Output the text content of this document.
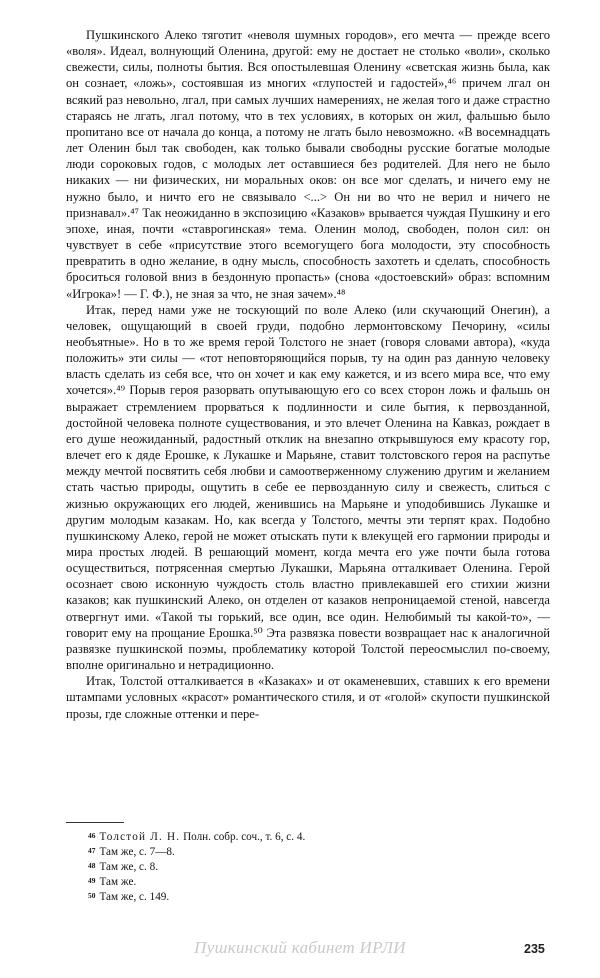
Пушкинского Алеко тяготит «неволя шумных городов», его мечта — прежде всего «воля». Идеал, волнующий Оленина, другой: ему не достает не столько «воли», сколько свежести, силы, полноты бытия. Вся опостылевшая Оленину «светская жизнь была, как он сознает, «ложь», состоявшая из многих «глупостей и гадостей»,⁴⁶ причем лгал он всякий раз невольно, лгал, при самых лучших намерениях, не желая того и даже страстно стараясь не лгать, лгал потому, что в тех условиях, в которых он жил, фальшью было пропитано все от начала до конца, а потому не лгать было невозможно. «В восемнадцать лет Оленин был так свободен, как только бывали свободны русские богатые молодые люди сороковых годов, с молодых лет оставшиеся без родителей. Для него не было никаких — ни физических, ни моральных оков: он все мог сделать, и ничего ему не нужно было, и ничто его не связывало <...> Он ни во что не верил и ничего не признавал».⁴⁷ Так неожиданно в экспозицию «Казаков» врывается чуждая Пушкину и его эпохе, иная, почти «ставрогинская» тема. Оленин молод, свободен, полон сил: он чувствует в себе «присутствие этого всемогущего бога молодости, эту способность превратить в одно желание, в одну мысль, способность захотеть и сделать, способность броситься головой вниз в бездонную пропасть» (снова «достоевский» образ: вспомним «Игрока»! — Г. Ф.), не зная за что, не зная зачем».⁴⁸

Итак, перед нами уже не тоскующий по воле Алеко (или скучающий Онегин), а человек, ощущающий в своей груди, подобно лермонтовскому Печорину, «силы необъятные». Но в то же время герой Толстого не знает (говоря словами автора), «куда положить» эти силы — «тот неповторяющийся порыв, ту на один раз данную человеку власть сделать из себя все, что он хочет и как ему кажется, и из всего мира все, что ему хочется».⁴⁹ Порыв героя разорвать опутывающую его со всех сторон ложь и фальшь он выражает стремлением прорваться к подлинности и силе бытия, к первозданной, достойной человека полноте существования, и это влечет Оленина на Кавказ, рождает в его душе неожиданный, радостный отклик на внезапно открывшуюся ему красоту гор, влечет его к дяде Ерошке, к Лукашке и Марьяне, ставит толстовского героя на распутье между мечтой посвятить себя любви и самоотверженному служению другим и желанием стать частью природы, ощутить в себе ее первозданную силу и свежесть, слиться с жизнью окружающих его людей, женившись на Марьяне и уподобившись Лукашке и другим молодым казакам. Но, как всегда у Толстого, мечты эти терпят крах. Подобно пушкинскому Алеко, герой не может отыскать пути к влекущей его гармонии природы и мира простых людей. В решающий момент, когда мечта его уже почти была готова осуществиться, потрясенная смертью Лукашки, Марьяна отталкивает Оленина. Герой осознает свою исконную чуждость столь властно привлекавшей его стихии жизни казаков; как пушкинский Алеко, он отделен от казаков непроницаемой стеной, навсегда отвергнут ими. «Такой ты горький, все один, все один. Нелюбимый ты какой-то», — говорит ему на прощание Ерошка.⁵⁰ Эта развязка повести возвращает нас к аналогичной развязке пушкинской поэмы, проблематику которой Толстой переосмыслил по-своему, вполне оригинально и нетрадиционно.

Итак, Толстой отталкивается в «Казаках» и от окаменевших, ставших к его времени штампами условных «красот» романтического стиля, и от «голой» скупости пушкинской прозы, где сложные оттенки и пере-

$^{46}$ Толстой Л. Н. Полн. собр. соч., т. 6, с. 4.

$^{47}$ Там же, с. 7—8.

$^{48}$ Там же, с. 8.

$^{49}$ Там же.

$^{50}$ Там же, с. 149.

Пушкинский кабинет ИРЛИ	235
